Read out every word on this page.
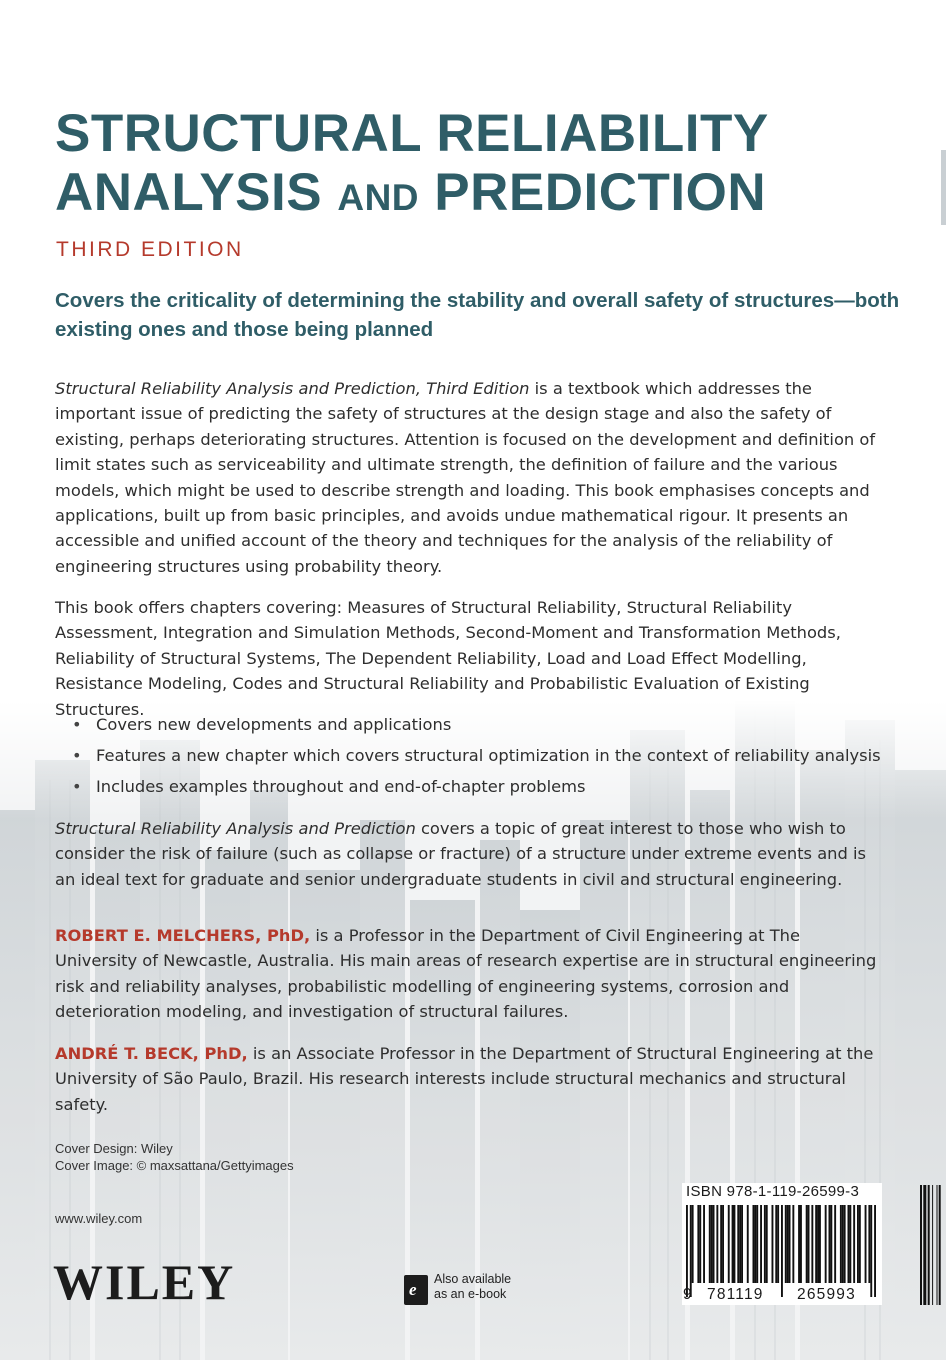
STRUCTURAL RELIABILITY
ANALYSIS AND PREDICTION
THIRD EDITION

Covers the criticality of determining the stability and overall safety of structures—both existing ones and those being planned

Structural Reliability Analysis and Prediction, Third Edition is a textbook which addresses the important issue of predicting the safety of structures at the design stage and also the safety of existing, perhaps deteriorating structures. Attention is focused on the development and definition of limit states such as serviceability and ultimate strength, the definition of failure and the various models, which might be used to describe strength and loading. This book emphasises concepts and applications, built up from basic principles, and avoids undue mathematical rigour. It presents an accessible and unified account of the theory and techniques for the analysis of the reliability of engineering structures using probability theory.

This book offers chapters covering: Measures of Structural Reliability, Structural Reliability Assessment, Integration and Simulation Methods, Second-Moment and Transformation Methods, Reliability of Structural Systems, The Dependent Reliability, Load and Load Effect Modelling, Resistance Modeling, Codes and Structural Reliability and Probabilistic Evaluation of Existing Structures.

• Covers new developments and applications
• Features a new chapter which covers structural optimization in the context of reliability analysis
• Includes examples throughout and end-of-chapter problems

Structural Reliability Analysis and Prediction covers a topic of great interest to those who wish to consider the risk of failure (such as collapse or fracture) of a structure under extreme events and is an ideal text for graduate and senior undergraduate students in civil and structural engineering.

ROBERT E. MELCHERS, PhD, is a Professor in the Department of Civil Engineering at The University of Newcastle, Australia. His main areas of research expertise are in structural engineering risk and reliability analyses, probabilistic modelling of engineering systems, corrosion and deterioration modeling, and investigation of structural failures.

ANDRÉ T. BECK, PhD, is an Associate Professor in the Department of Structural Engineering at the University of São Paulo, Brazil. His research interests include structural mechanics and structural safety.

Cover Design: Wiley
Cover Image: © maxsattana/Gettyimages
www.wiley.com
WILEY	e
Also available
as an e-book
ISBN 978-1-119-26599-3
9 781119 265993
